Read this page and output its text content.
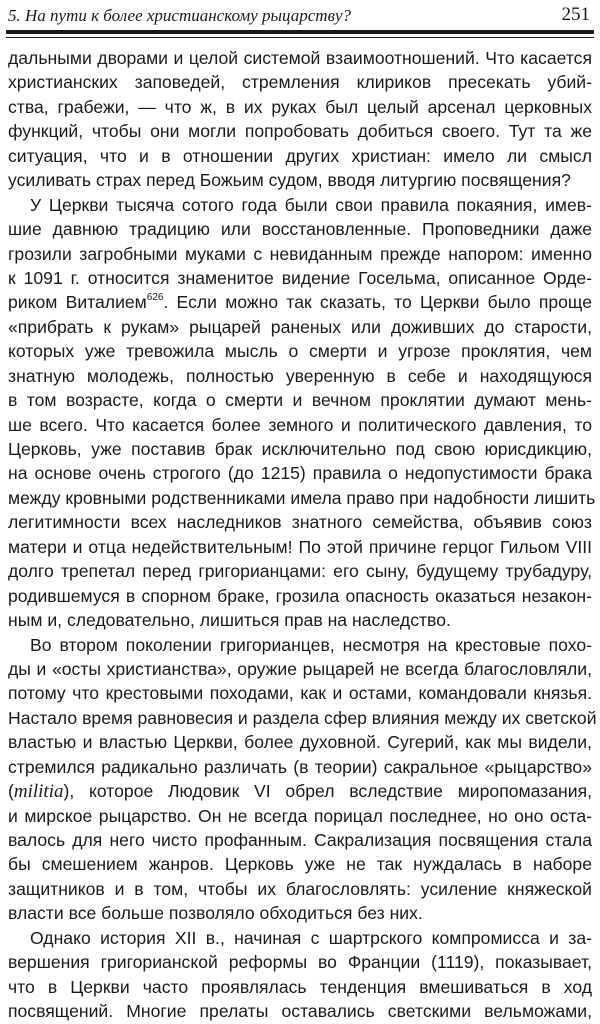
5. На пути к более христианскому рыцарству?	251
дальными дворами и целой системой взаимоотношений. Что касается
христианских заповедей, стремления клириков пресекать убий-
ства, грабежи, — что ж, в их руках был целый арсенал церковных
функций, чтобы они могли попробовать добиться своего. Тут та же
ситуация, что и в отношении других христиан: имело ли смысл
усиливать страх перед Божьим судом, вводя литургию посвящения?
У Церкви тысяча сотого года были свои правила покаяния, имев-
шие давнюю традицию или восстановленные. Проповедники даже
грозили загробными муками с невиданным прежде напором: именно
к 1091 г. относится знаменитое видение Госельма, описанное Орде-
риком Виталием$^{626}$. Если можно так сказать, то Церкви было проще
«прибрать к рукам» рыцарей раненых или доживших до старости,
которых уже тревожила мысль о смерти и угрозе проклятия, чем
знатную молодежь, полностью уверенную в себе и находящуюся
в том возрасте, когда о смерти и вечном проклятии думают мень-
ше всего. Что касается более земного и политического давления, то
Церковь, уже поставив брак исключительно под свою юрисдикцию,
на основе очень строгого (до 1215) правила о недопустимости брака
между кровными родственниками имела право при надобности лишить
легитимности всех наследников знатного семейства, объявив союз
матери и отца недействительным! По этой причине герцог Гильом VIII
долго трепетал перед григорианцами: его сыну, будущему трубадуру,
родившемуся в спорном браке, грозила опасность оказаться незакон-
ным и, следовательно, лишиться прав на наследство.
Во втором поколении григорианцев, несмотря на крестовые похо-
ды и «осты христианства», оружие рыцарей не всегда благословляли,
потому что крестовыми походами, как и остами, командовали князья.
Настало время равновесия и раздела сфер влияния между их светской
властью и властью Церкви, более духовной. Сугерий, как мы видели,
стремился радикально различать (в теории) сакральное «рыцарство»
(militia), которое Людовик VI обрел вследствие миропомазания,
и мирское рыцарство. Он не всегда порицал последнее, но оно оста-
валось для него чисто профанным. Сакрализация посвящения стала
бы смешением жанров. Церковь уже не так нуждалась в наборе
защитников и в том, чтобы их благословлять: усиление княжеской
власти все больше позволяло обходиться без них.
Однако история XII в., начиная с шартрского компромисса и за-
вершения григорианской реформы во Франции (1119), показывает,
что в Церкви часто проявлялась тенденция вмешиваться в ход
посвящений. Многие прелаты оставались светскими вельможами,
